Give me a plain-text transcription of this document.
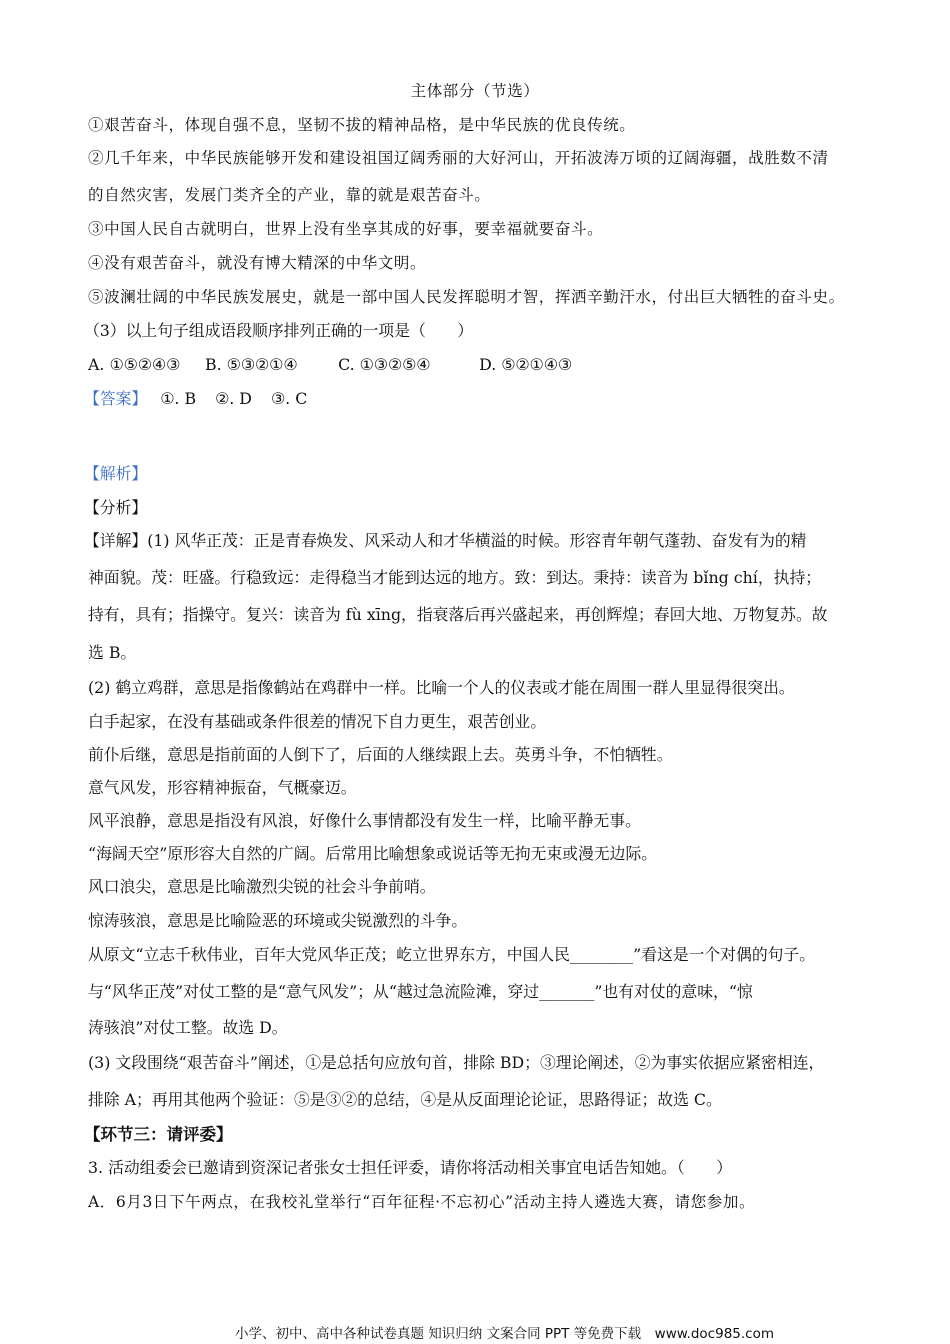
主体部分（节选）
①艰苦奋斗，体现自强不息，坚韧不拔的精神品格，是中华民族的优良传统。
②几千年来，中华民族能够开发和建设祖国辽阔秀丽的大好河山，开拓波涛万顷的辽阔海疆，战胜数不清
的自然灾害，发展门类齐全的产业，靠的就是艰苦奋斗。
③中国人民自古就明白，世界上没有坐享其成的好事，要幸福就要奋斗。
④没有艰苦奋斗，就没有博大精深的中华文明。
⑤波澜壮阔的中华民族发展史，就是一部中国人民发挥聪明才智，挥洒辛勤汗水，付出巨大牺牲的奋斗史。
（3）以上句子组成语段顺序排列正确的一项是（　　）
A. ①⑤②④③ B. ⑤③②①④	C. ①③②⑤④	D. ⑤②①④③
【答案】 ①. B ②. D ③. C
【解析】
【分析】
【详解】(1) 风华正茂：正是青春焕发、风采动人和才华横溢的时候。形容青年朝气蓬勃、奋发有为的精
神面貌。茂：旺盛。行稳致远：走得稳当才能到达远的地方。致：到达。秉持：读音为 bǐng chí，执持；
持有，具有；指操守。复兴：读音为 fù xīng，指衰落后再兴盛起来，再创辉煌；春回大地、万物复苏。故
选 B。
(2) 鹤立鸡群，意思是指像鹤站在鸡群中一样。比喻一个人的仪表或才能在周围一群人里显得很突出。
白手起家，在没有基础或条件很差的情况下自力更生，艰苦创业。
前仆后继，意思是指前面的人倒下了，后面的人继续跟上去。英勇斗争，不怕牺牲。
意气风发，形容精神振奋，气概豪迈。
风平浪静，意思是指没有风浪，好像什么事情都没有发生一样，比喻平静无事。
“海阔天空”原形容大自然的广阔。后常用比喻想象或说话等无拘无束或漫无边际。
风口浪尖，意思是比喻激烈尖锐的社会斗争前哨。
惊涛骇浪，意思是比喻险恶的环境或尖锐激烈的斗争。
从原文“立志千秋伟业，百年大党风华正茂；屹立世界东方，中国人民________”看这是一个对偶的句子。
与“风华正茂”对仗工整的是“意气风发”；从“越过急流险滩，穿过_______”也有对仗的意味，“惊
涛骇浪”对仗工整。故选 D。
(3) 文段围绕“艰苦奋斗”阐述，①是总括句应放句首，排除 BD；③理论阐述，②为事实依据应紧密相连，
排除 A；再用其他两个验证：⑤是③②的总结，④是从反面理论论证，思路得证；故选 C。
【环节三：请评委】
3. 活动组委会已邀请到资深记者张女士担任评委，请你将活动相关事宜电话告知她。（　　）
A．6月3日下午两点，在我校礼堂举行“百年征程·不忘初心”活动主持人遴选大赛，请您参加。
小学、初中、高中各种试卷真题 知识归纳 文案合同 PPT 等免费下载　www.doc985.com
